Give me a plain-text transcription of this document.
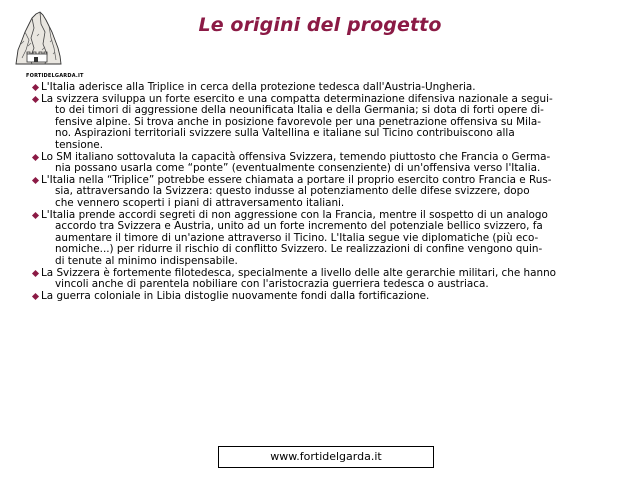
FORTIDELGARDA.IT
Le origini del progetto
L'Italia aderisce alla Triplice in cerca della protezione tedesca dall'Austria-Ungheria.
La svizzera sviluppa un forte esercito e una compatta determinazione difensiva nazionale a segui-
to dei timori di aggressione della neounificata Italia e della Germania; si dota di forti opere di-
fensive alpine. Si trova anche in posizione favorevole per una penetrazione offensiva su Mila-
no. Aspirazioni territoriali svizzere sulla Valtellina e italiane sul Ticino contribuiscono alla
tensione.
Lo SM italiano sottovaluta la capacità offensiva Svizzera, temendo piuttosto che Francia o Germa-
nia possano usarla come “ponte” (eventualmente consenziente) di un'offensiva verso l'Italia.
L'Italia nella “Triplice” potrebbe essere chiamata a portare il proprio esercito contro Francia e Rus-
sia, attraversando la Svizzera: questo indusse al potenziamento delle difese svizzere, dopo
che vennero scoperti i piani di attraversamento italiani.
L'Italia prende accordi segreti di non aggressione con la Francia, mentre il sospetto di un analogo
accordo tra Svizzera e Austria, unito ad un forte incremento del potenziale bellico svizzero, fa
aumentare il timore di un'azione attraverso il Ticino. L'Italia segue vie diplomatiche (più eco-
nomiche...) per ridurre il rischio di conflitto Svizzero. Le realizzazioni di confine vengono quin-
di tenute al minimo indispensabile.
La Svizzera è fortemente filotedesca, specialmente a livello delle alte gerarchie militari, che hanno
vincoli anche di parentela nobiliare con l'aristocrazia guerriera tedesca o austriaca.
La guerra coloniale in Libia distoglie nuovamente fondi dalla fortificazione.
www.fortidelgarda.it
